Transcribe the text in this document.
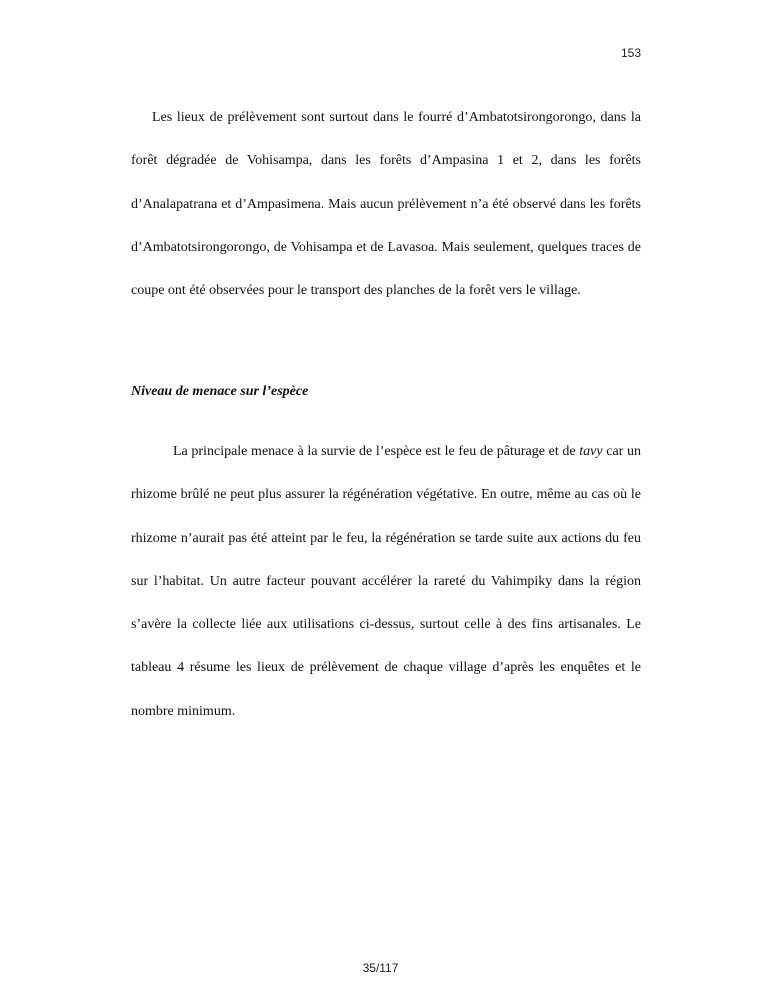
153

Les lieux de prélèvement sont surtout dans le fourré d’Ambatotsirongorongo, dans la forêt dégradée de Vohisampa, dans les forêts d’Ampasina 1 et 2, dans les forêts d’Analapatrana et d’Ampasimena. Mais aucun prélèvement n’a été observé dans les forêts d’Ambatotsirongorongo, de Vohisampa et de Lavasoa. Mais seulement, quelques traces de coupe ont été observées pour le transport des planches de la forêt vers le village.

Niveau de menace sur l’espèce

La principale menace à la survie de l’espèce est le feu de pâturage et de tavy car un rhizome brûlé ne peut plus assurer la régénération végétative. En outre, même au cas où le rhizome n’aurait pas été atteint par le feu, la régénération se tarde suite aux actions du feu sur l’habitat. Un autre facteur pouvant accélérer la rareté du Vahimpiky dans la région s’avère la collecte liée aux utilisations ci-dessus, surtout celle à des fins artisanales. Le tableau 4 résume les lieux de prélèvement de chaque village d’après les enquêtes et le nombre minimum.

35/117
